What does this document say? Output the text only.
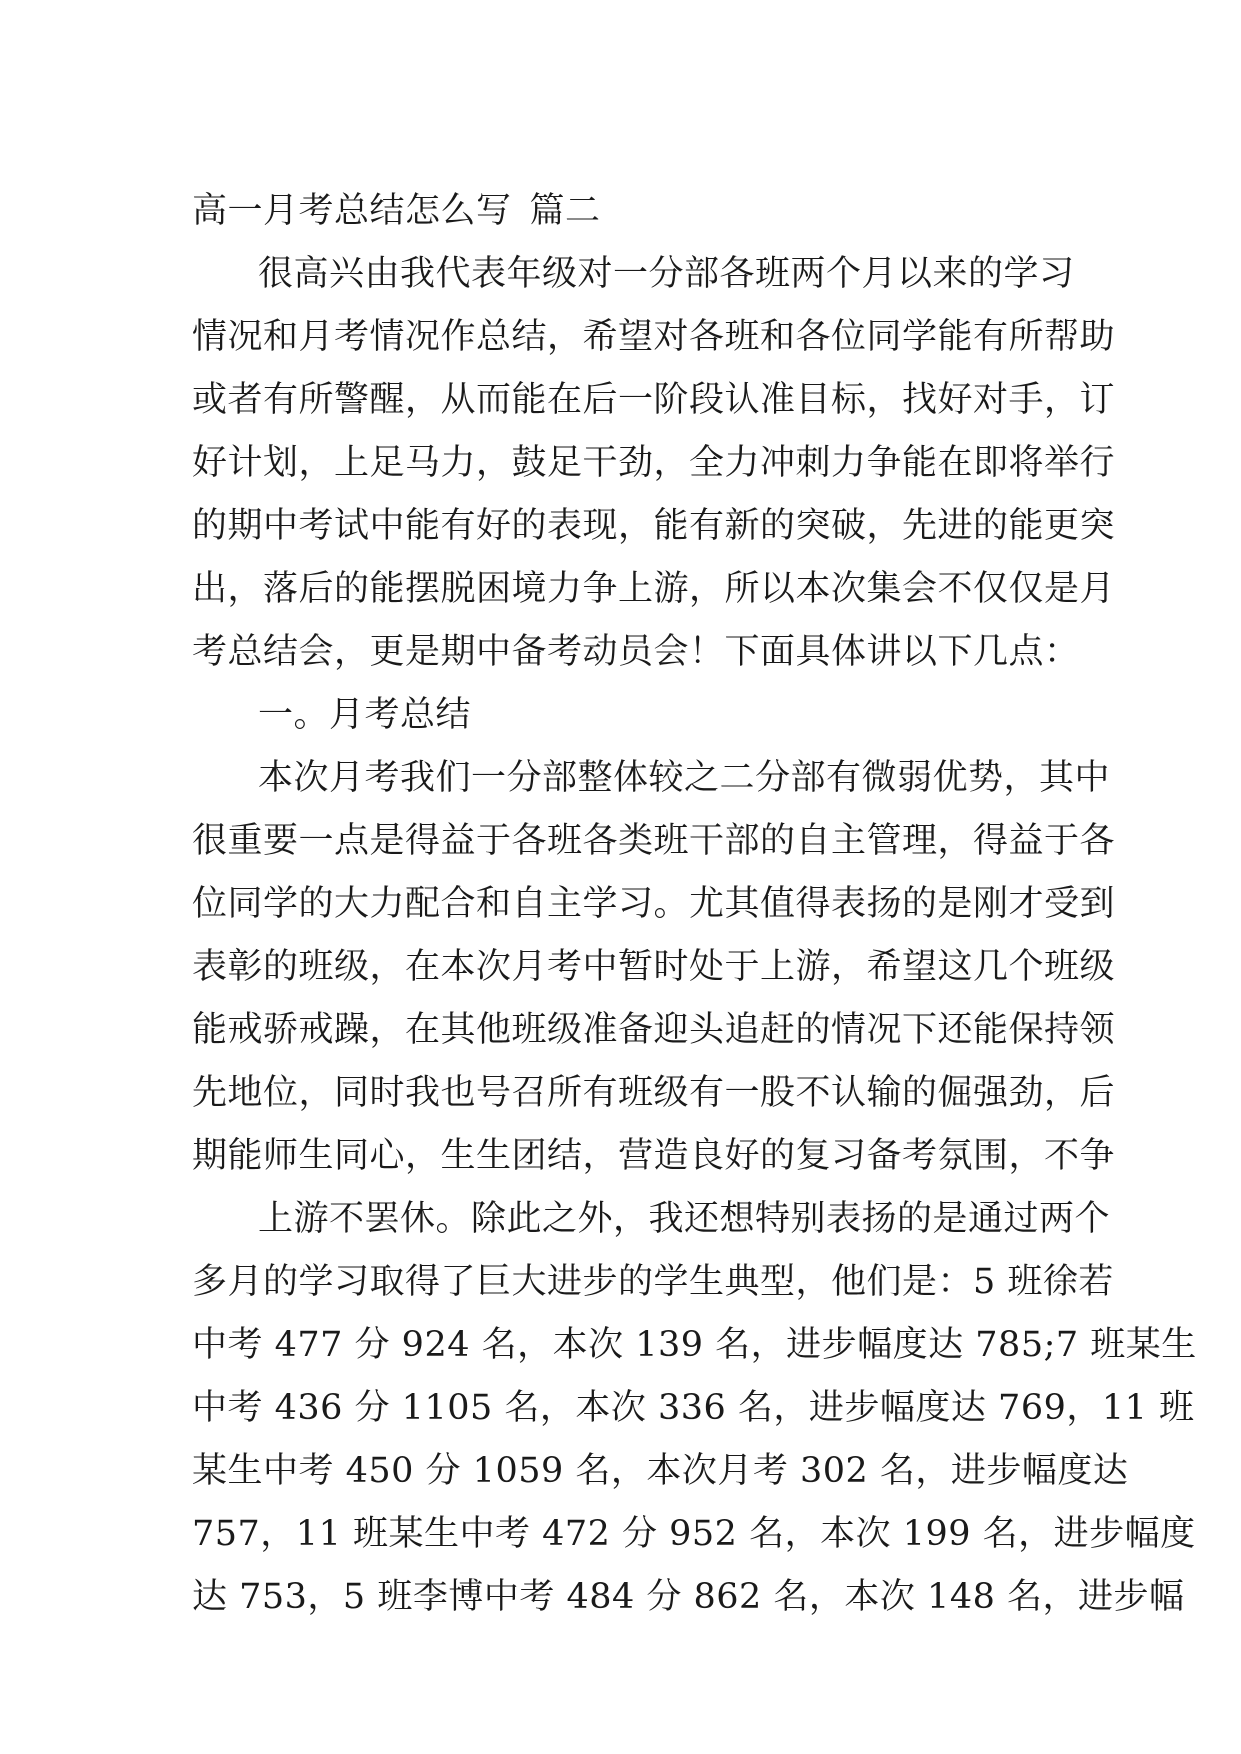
高一月考总结怎么写 篇二
很高兴由我代表年级对一分部各班两个月以来的学习
情况和月考情况作总结，希望对各班和各位同学能有所帮助
或者有所警醒，从而能在后一阶段认准目标，找好对手，订
好计划，上足马力，鼓足干劲，全力冲刺力争能在即将举行
的期中考试中能有好的表现，能有新的突破，先进的能更突
出，落后的能摆脱困境力争上游，所以本次集会不仅仅是月
考总结会，更是期中备考动员会！下面具体讲以下几点：
一。月考总结
本次月考我们一分部整体较之二分部有微弱优势，其中
很重要一点是得益于各班各类班干部的自主管理，得益于各
位同学的大力配合和自主学习。尤其值得表扬的是刚才受到
表彰的班级，在本次月考中暂时处于上游，希望这几个班级
能戒骄戒躁，在其他班级准备迎头追赶的情况下还能保持领
先地位，同时我也号召所有班级有一股不认输的倔强劲，后
期能师生同心，生生团结，营造良好的复习备考氛围，不争
上游不罢休。除此之外，我还想特别表扬的是通过两个
多月的学习取得了巨大进步的学生典型，他们是：5 班徐若
中考 477 分 924 名，本次 139 名，进步幅度达 785;7 班某生
中考 436 分 1105 名，本次 336 名，进步幅度达 769，11 班
某生中考 450 分 1059 名，本次月考 302 名，进步幅度达
757，11 班某生中考 472 分 952 名，本次 199 名，进步幅度
达 753，5 班李博中考 484 分 862 名，本次 148 名，进步幅
